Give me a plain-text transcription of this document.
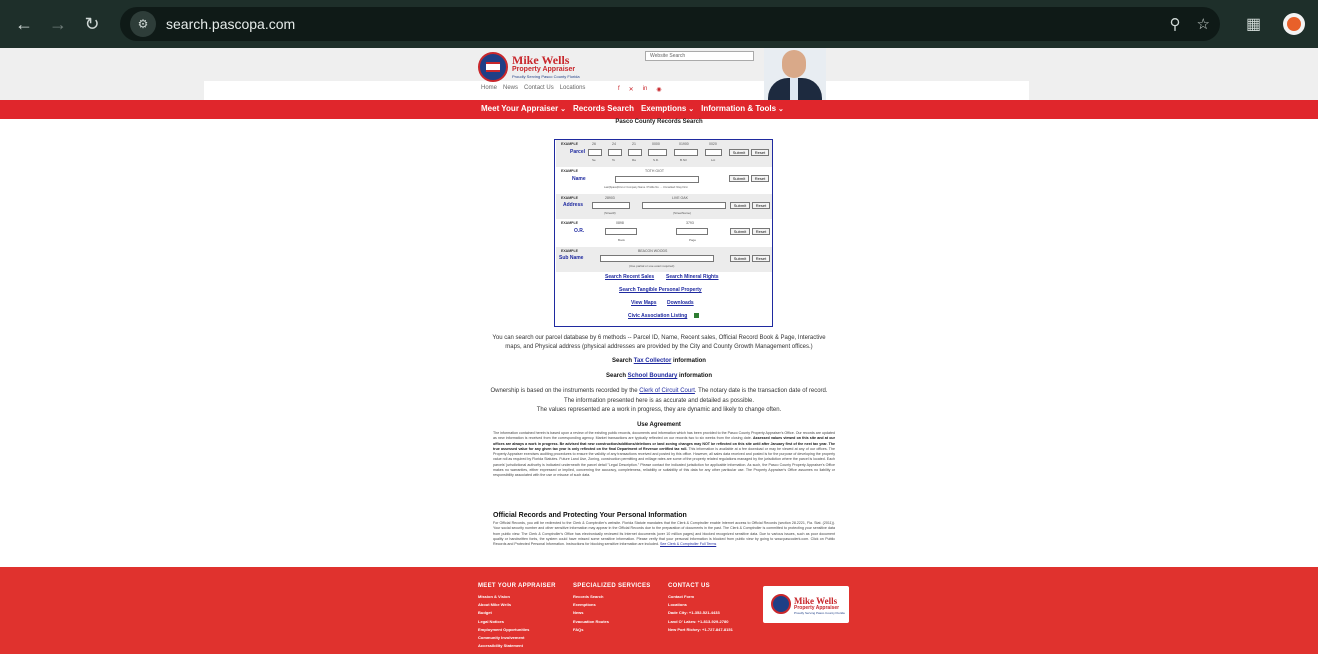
← → ↻	⚙	search.pascopa.com	⚲ ☆ ▦
Mike Wells
Property Appraiser
Proudly Serving Pasco County Florida
Home News Contact Us Locations	f ✕ in ◉
Website Search
Meet Your Appraiser ⌄	Records Search Exemptions ⌄	Information & Tools ⌄
Pasco County Records Search
EXAMPLE
Parcel
26	24	21	0000	01900	0020
Se	To	Ra	S.D.	B.Ntl	Lot
Submit	Reset
EXAMPLE
Name
TOTH GIOT
Last|Space|First or Company Name / Profile No. ... Unmarked: Ntay First
Submit	Reset
EXAMPLE
Address
28903	LIVE OAK
(Street#)	(StreetName)
Submit	Reset
EXAMPLE
O.R.
0898	3793
Book	Page
Submit	Reset
EXAMPLE
Sub Name
BEACON WOODS
(Use partial or use exact required)
Submit	Reset
Search Recent Sales Search Mineral Rights
Search Tangible Personal Property
View Maps Downloads
Civic Association Listing
You can search our parcel database by 6 methods -- Parcel ID, Name, Recent sales, Official Record Book & Page, Interactive
maps, and Physical address (physical addresses are provided by the City and County Growth Management offices.)
Search Tax Collector information
Search School Boundary information
Ownership is based on the instruments recorded by the Clerk of Circuit Court. The notary date is the transaction date of record.
The information presented here is as accurate and detailed as possible.
The values represented are a work in progress, they are dynamic and likely to change often.
Use Agreement
The information contained herein is based upon a review of the existing public records, documents and information which has been provided to the Pasco County Property Appraiser's Office. Our records are updated as new information is received from the corresponding agency. Market transactions are typically reflected on our records two to six weeks from the closing date. Assessed values viewed on this site and at our offices are always a work in progress. Be advised that new construction/additions/deletions or land zoning changes may NOT be reflected on this site until after January first of the next tax year. The true assessed value for any given tax year is only reflected on the final Department of Revenue certified tax roll. This information is available at a fee download or may be viewed at any of our offices. The Property Appraiser exercises auditing procedures to ensure the validity of any transactions received and posted by this office. However, all sales data received and posted is for the purpose of developing the property value roll as required by Florida Statutes. Future Land Use, Zoning, construction permitting and millage rates are some of the property related regulations managed by the jurisdiction where the parcel is located. Each parcels' jurisdictional authority is indicated underneath the parcel detail "Legal Description." Please contact the indicated jurisdiction for applicable information. As such, the Pasco County Property Appraiser's Office makes no warranties, either expressed or implied, concerning the accuracy, completeness, reliability or suitability of this data for any other particular use. The Property Appraiser's Office assumes no liability or responsibility associated with the use or misuse of such data.
Official Records and Protecting Your Personal Information
For Official Records, you will be redirected to the Clerk & Comptroller's website. Florida Statute mandates that the Clerk & Comptroller enable Internet access to Official Records (section 28.2221, Fla. Stat. (2011)). Your social security number and other sensitive information may appear in the Official Records due to the preparation of documents in the past. The Clerk & Comptroller is committed to protecting your sensitive data from public view. The Clerk & Comptroller's Office has electronically reviewed its Internet documents (over 10 million pages) and blocked recognized sensitive data. Due to various issues, such as poor document quality or handwritten fonts, the system could have missed some sensitive information. Please verify that your personal information is blocked from public view by going to www.pascoclerk.com. Click on Public Records and Protected Personal Information. Instructions for blocking sensitive information are included. See Clerk & Comptroller Full Terms
MEET YOUR APPRAISER
Mission & Vision
About Mike Wells
Budget
Legal Notices
Employment Opportunities
Community Involvement
Accessibility Statement
SPECIALIZED SERVICES
Records Search
Exemptions
News
Evacuation Routes
FAQs
CONTACT US
Contact Form
Locations
Dade City: +1-352-521-4433
Land O' Lakes: +1-813-929-2780
New Port Richey: +1-727-847-8151
Mike Wells
Property Appraiser
Proudly Serving Pasco County Florida
